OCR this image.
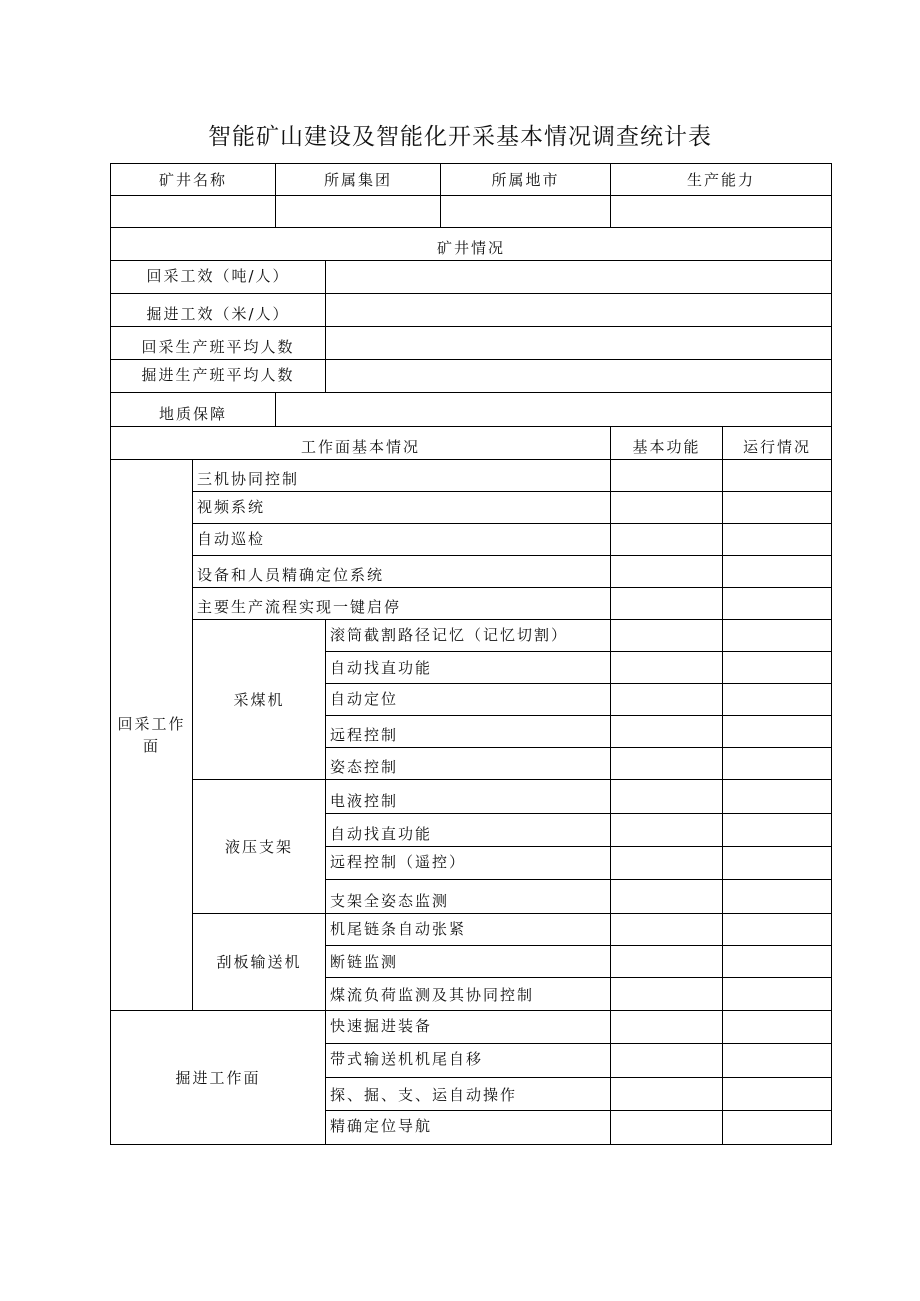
智能矿山建设及智能化开采基本情况调查统计表
矿井名称		所属集团		所属地市	生产能力	

矿井情况						
回采工效（吨/人）						
掘进工效（米/人）						
回采生产班平均人数						
掘进生产班平均人数						
地质保障						
工作面基本情况					基本功能	运行情况
回采工作面	三机协同控制					
	视频系统					
	自动巡检					
	设备和人员精确定位系统					
	主要生产流程实现一键启停					
	采煤机		滚筒截割路径记忆（记忆切割）			
			自动找直功能			
			自动定位			
			远程控制			
			姿态控制			
	液压支架		电液控制			
			自动找直功能			
			远程控制（遥控）			
			支架全姿态监测			
	刮板输送机		机尾链条自动张紧			
			断链监测			
			煤流负荷监测及其协同控制			
掘进工作面			快速掘进装备			
			带式输送机机尾自移			
			探、掘、支、运自动操作			
			精确定位导航			
